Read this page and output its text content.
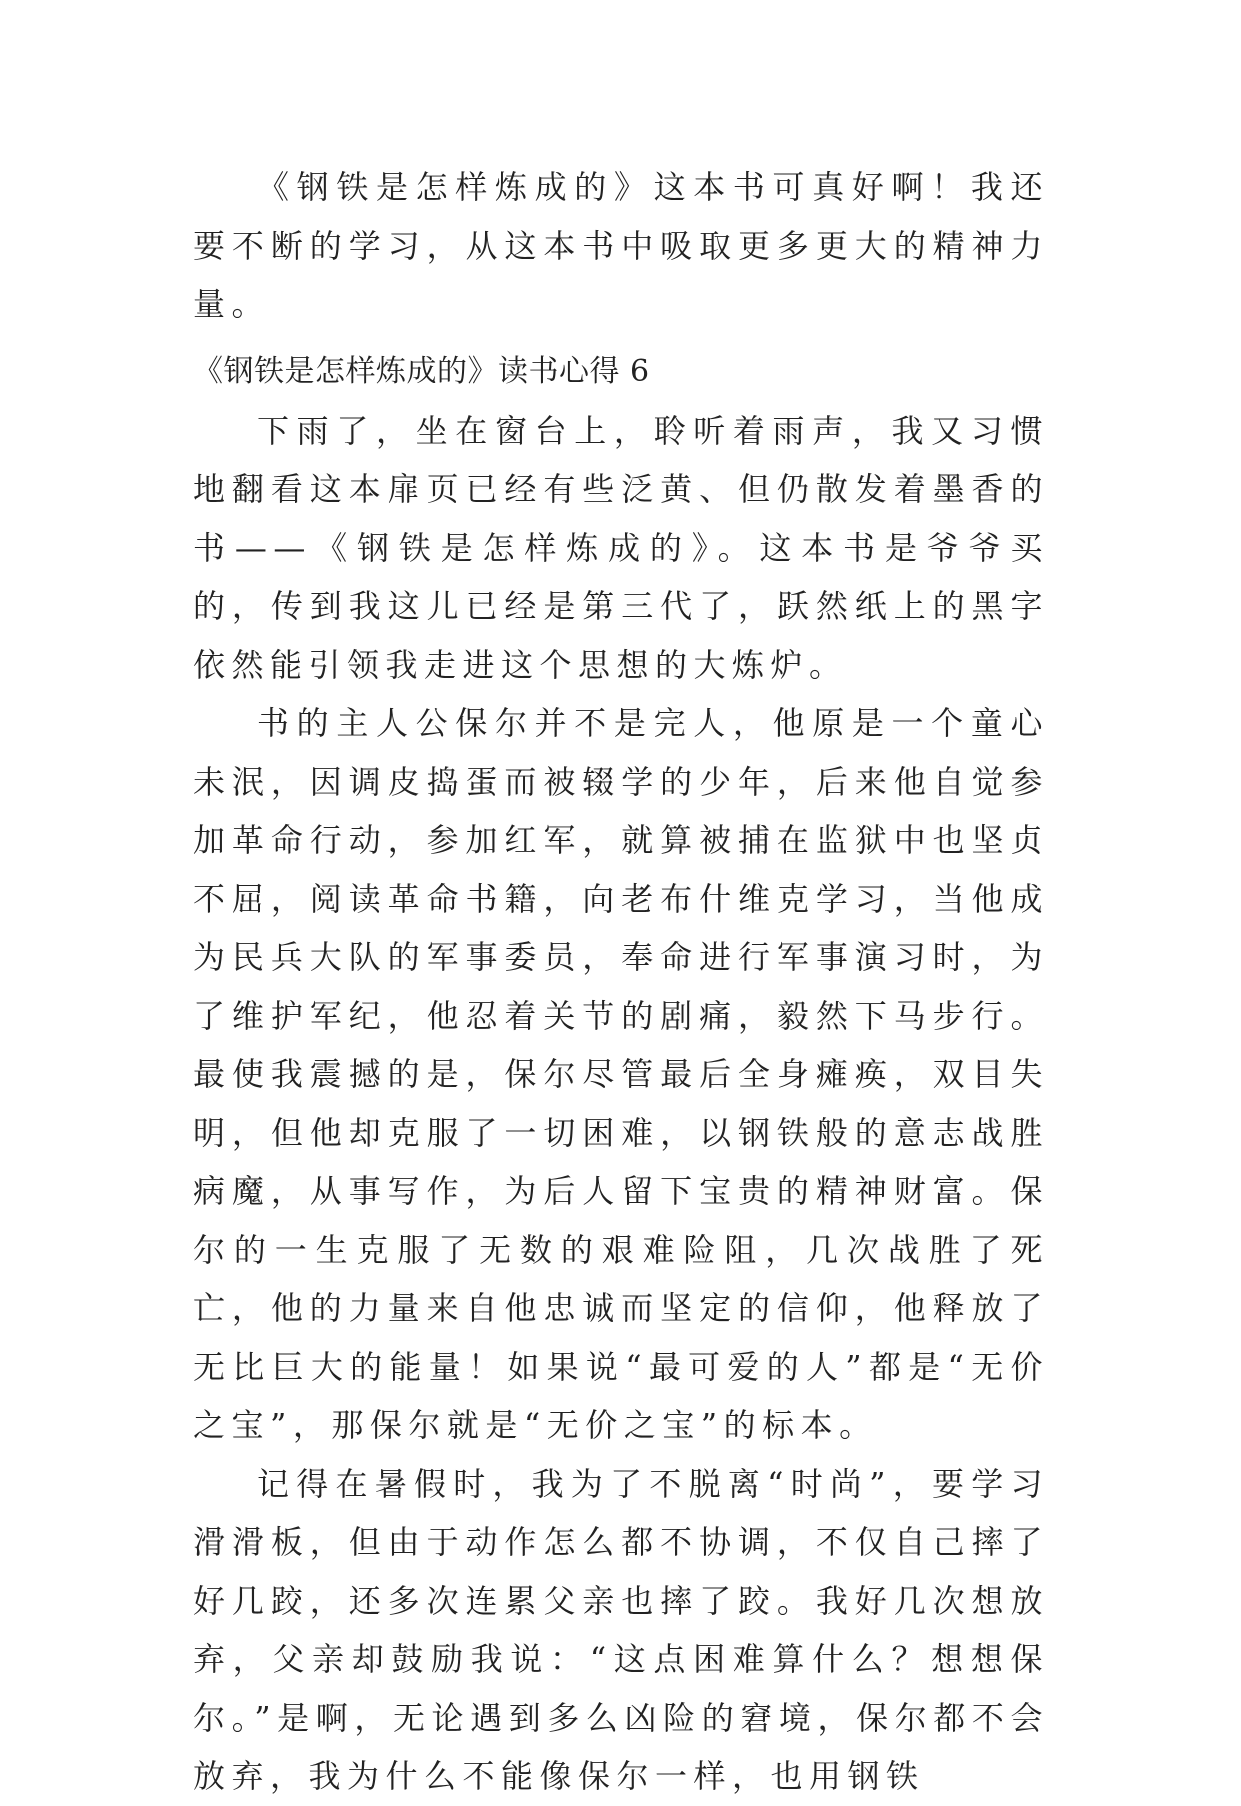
《钢铁是怎样炼成的》这本书可真好啊！我还要不断的学习，从这本书中吸取更多更大的精神力量。

《钢铁是怎样炼成的》读书心得 6

下雨了，坐在窗台上，聆听着雨声，我又习惯地翻看这本扉页已经有些泛黄、但仍散发着墨香的书——《钢铁是怎样炼成的》。这本书是爷爷买的，传到我这儿已经是第三代了，跃然纸上的黑字依然能引领我走进这个思想的大炼炉。

书的主人公保尔并不是完人，他原是一个童心未泯，因调皮捣蛋而被辍学的少年，后来他自觉参加革命行动，参加红军，就算被捕在监狱中也坚贞不屈，阅读革命书籍，向老布什维克学习，当他成为民兵大队的军事委员，奉命进行军事演习时，为了维护军纪，他忍着关节的剧痛，毅然下马步行。最使我震撼的是，保尔尽管最后全身瘫痪，双目失明，但他却克服了一切困难，以钢铁般的意志战胜病魔，从事写作，为后人留下宝贵的精神财富。保尔的一生克服了无数的艰难险阻，几次战胜了死亡，他的力量来自他忠诚而坚定的信仰，他释放了无比巨大的能量！如果说“最可爱的人”都是“无价之宝”，那保尔就是“无价之宝”的标本。

记得在暑假时，我为了不脱离“时尚”，要学习滑滑板，但由于动作怎么都不协调，不仅自己摔了好几跤，还多次连累父亲也摔了跤。我好几次想放弃，父亲却鼓励我说：“这点困难算什么？想想保尔。”是啊，无论遇到多么凶险的窘境，保尔都不会放弃，我为什么不能像保尔一样，也用钢铁
